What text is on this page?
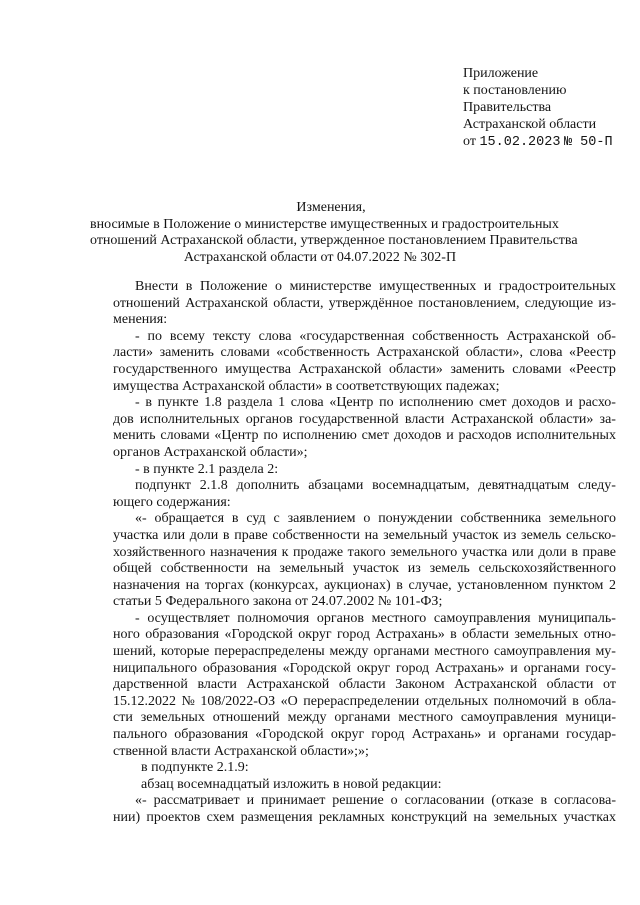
Приложение
к постановлению
Правительства
Астраханской области
от 15.02.2023 № 50-П
Изменения,
вносимые в Положение о министерстве имущественных и градостроительных
отношений Астраханской области, утвержденное постановлением Правительства
Астраханской области от 04.07.2022 № 302-П

Внести в Положение о министерстве имущественных и градостроительных
отношений Астраханской области, утверждённое постановлением, следующие из-
менения:

- по всему тексту слова «государственная собственность Астраханской об-
ласти» заменить словами «собственность Астраханской области», слова «Реестр
государственного имущества Астраханской области» заменить словами «Реестр
имущества Астраханской области» в соответствующих падежах;

- в пункте 1.8 раздела 1 слова «Центр по исполнению смет доходов и расхо-
дов исполнительных органов государственной власти Астраханской области» за-
менить словами «Центр по исполнению смет доходов и расходов исполнительных
органов Астраханской области»;

- в пункте 2.1 раздела 2:

подпункт 2.1.8 дополнить абзацами восемнадцатым, девятнадцатым следу-
ющего содержания:

«- обращается в суд с заявлением о понуждении собственника земельного
участка или доли в праве собственности на земельный участок из земель сельско-
хозяйственного назначения к продаже такого земельного участка или доли в праве
общей собственности на земельный участок из земель сельскохозяйственного
назначения на торгах (конкурсах, аукционах) в случае, установленном пунктом 2
статьи 5 Федерального закона от 24.07.2002 № 101-ФЗ;

- осуществляет полномочия органов местного самоуправления муниципаль-
ного образования «Городской округ город Астрахань» в области земельных отно-
шений, которые перераспределены между органами местного самоуправления му-
ниципального образования «Городской округ город Астрахань» и органами госу-
дарственной власти Астраханской области Законом Астраханской области от
15.12.2022 № 108/2022-ОЗ «О перераспределении отдельных полномочий в обла-
сти земельных отношений между органами местного самоуправления муници-
пального образования «Городской округ город Астрахань» и органами государ-
ственной власти Астраханской области»;»;

в подпункте 2.1.9:

абзац восемнадцатый изложить в новой редакции:

«- рассматривает и принимает решение о согласовании (отказе в согласова-
нии) проектов схем размещения рекламных конструкций на земельных участках
